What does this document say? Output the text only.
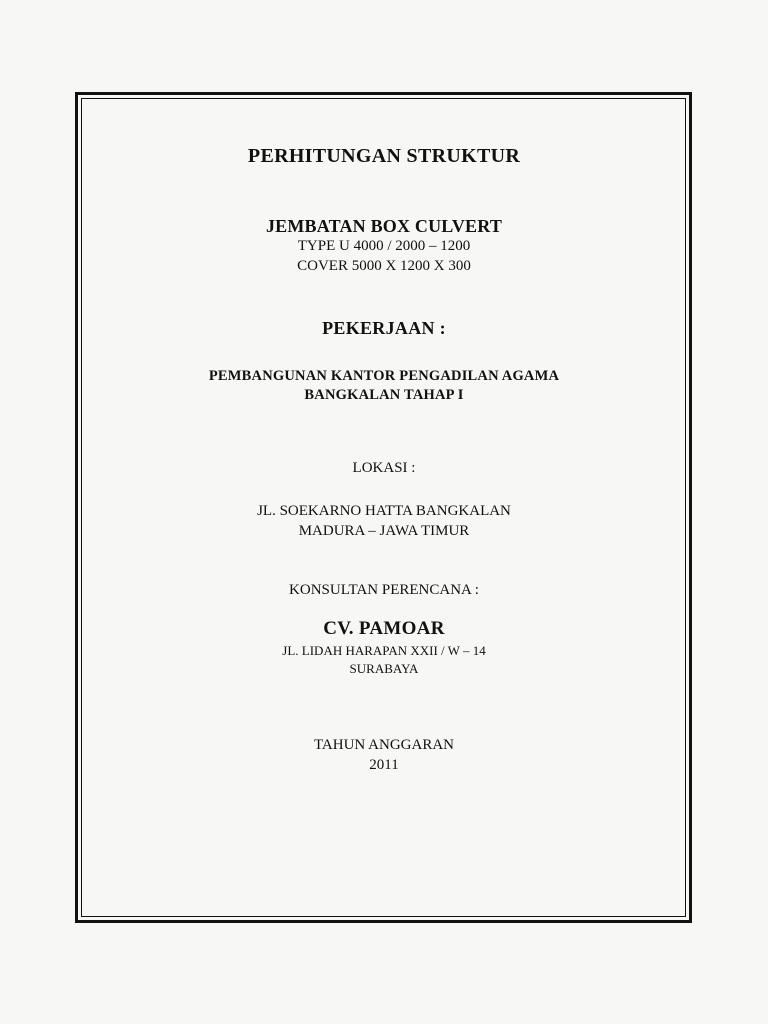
PERHITUNGAN STRUKTUR
JEMBATAN BOX CULVERT
TYPE U 4000 / 2000 – 1200
COVER 5000 X 1200 X 300
PEKERJAAN :
PEMBANGUNAN KANTOR PENGADILAN AGAMA
BANGKALAN TAHAP I
LOKASI :
JL. SOEKARNO HATTA BANGKALAN
MADURA – JAWA TIMUR
KONSULTAN PERENCANA :
CV. PAMOAR
JL. LIDAH HARAPAN XXII / W – 14
SURABAYA
TAHUN ANGGARAN
2011
